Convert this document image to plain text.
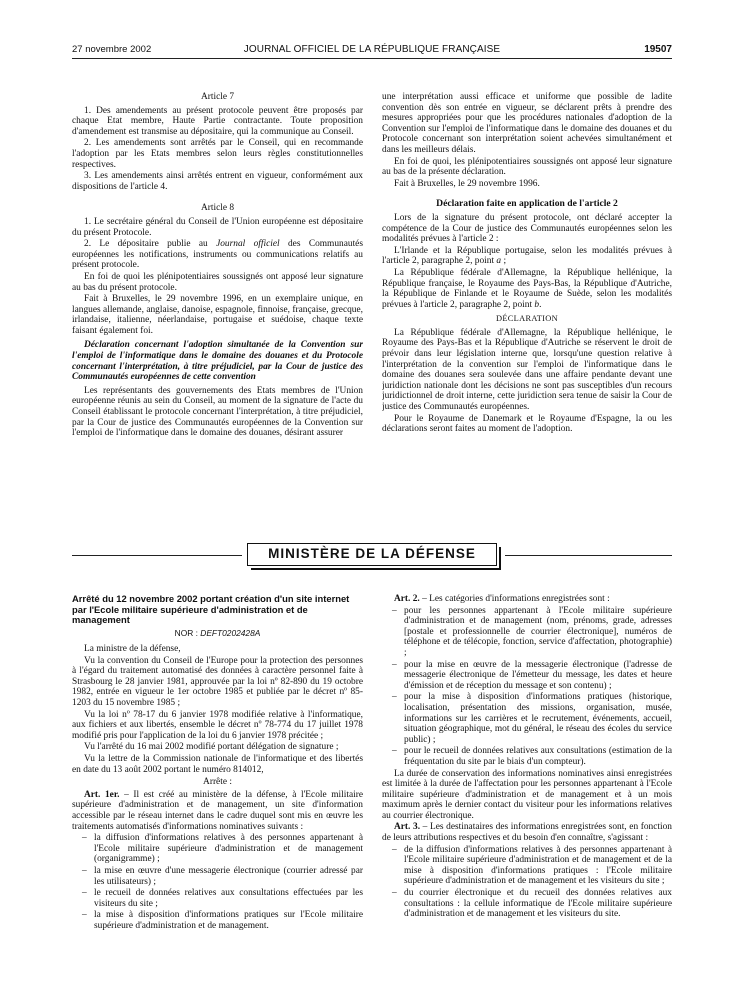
27 novembre 2002	JOURNAL OFFICIEL DE LA RÉPUBLIQUE FRANÇAISE	19507
Article 7

1. Des amendements au présent protocole peuvent être proposés par chaque Etat membre, Haute Partie contractante. Toute proposition d'amendement est transmise au dépositaire, qui la communique au Conseil.

2. Les amendements sont arrêtés par le Conseil, qui en recommande l'adoption par les Etats membres selon leurs règles constitutionnelles respectives.

3. Les amendements ainsi arrêtés entrent en vigueur, conformément aux dispositions de l'article 4.

Article 8

1. Le secrétaire général du Conseil de l'Union européenne est dépositaire du présent Protocole.

2. Le dépositaire publie au Journal officiel des Communautés européennes les notifications, instruments ou communications relatifs au présent protocole.

En foi de quoi les plénipotentiaires soussignés ont apposé leur signature au bas du présent protocole.

Fait à Bruxelles, le 29 novembre 1996, en un exemplaire unique, en langues allemande, anglaise, danoise, espagnole, finnoise, française, grecque, irlandaise, italienne, néerlandaise, portugaise et suédoise, chaque texte faisant également foi.

Déclaration concernant l'adoption simultanée de la Convention sur l'emploi de l'informatique dans le domaine des douanes et du Protocole concernant l'interprétation, à titre préjudiciel, par la Cour de justice des Communautés européennes de cette convention

Les représentants des gouvernements des Etats membres de l'Union européenne réunis au sein du Conseil, au moment de la signature de l'acte du Conseil établissant le protocole concernant l'interprétation, à titre préjudiciel, par la Cour de justice des Communautés européennes de la Convention sur l'emploi de l'informatique dans le domaine des douanes, désirant assurer

une interprétation aussi efficace et uniforme que possible de ladite convention dès son entrée en vigueur, se déclarent prêts à prendre des mesures appropriées pour que les procédures nationales d'adoption de la Convention sur l'emploi de l'informatique dans le domaine des douanes et du Protocole concernant son interprétation soient achevées simultanément et dans les meilleurs délais.

En foi de quoi, les plénipotentiaires soussignés ont apposé leur signature au bas de la présente déclaration.

Fait à Bruxelles, le 29 novembre 1996.

Déclaration faite en application de l'article 2

Lors de la signature du présent protocole, ont déclaré accepter la compétence de la Cour de justice des Communautés européennes selon les modalités prévues à l'article 2 :

L'Irlande et la République portugaise, selon les modalités prévues à l'article 2, paragraphe 2, point a ;

La République fédérale d'Allemagne, la République hellénique, la République française, le Royaume des Pays-Bas, la République d'Autriche, la République de Finlande et le Royaume de Suède, selon les modalités prévues à l'article 2, paragraphe 2, point b.

DÉCLARATION

La République fédérale d'Allemagne, la République hellénique, le Royaume des Pays-Bas et la République d'Autriche se réservent le droit de prévoir dans leur législation interne que, lorsqu'une question relative à l'interprétation de la convention sur l'emploi de l'informatique dans le domaine des douanes sera soulevée dans une affaire pendante devant une juridiction nationale dont les décisions ne sont pas susceptibles d'un recours juridictionnel de droit interne, cette juridiction sera tenue de saisir la Cour de justice des Communautés européennes.

Pour le Royaume de Danemark et le Royaume d'Espagne, la ou les déclarations seront faites au moment de l'adoption.

MINISTÈRE DE LA DÉFENSE

Arrêté du 12 novembre 2002 portant création d'un site internet par l'Ecole militaire supérieure d'administration et de management

NOR : DEFT0202428A

La ministre de la défense,

Vu la convention du Conseil de l'Europe pour la protection des personnes à l'égard du traitement automatisé des données à caractère personnel faite à Strasbourg le 28 janvier 1981, approuvée par la loi nº 82-890 du 19 octobre 1982, entrée en vigueur le 1er octobre 1985 et publiée par le décret nº 85-1203 du 15 novembre 1985 ;

Vu la loi nº 78-17 du 6 janvier 1978 modifiée relative à l'informatique, aux fichiers et aux libertés, ensemble le décret nº 78-774 du 17 juillet 1978 modifié pris pour l'application de la loi du 6 janvier 1978 précitée ;

Vu l'arrêté du 16 mai 2002 modifié portant délégation de signature ;

Vu la lettre de la Commission nationale de l'informatique et des libertés en date du 13 août 2002 portant le numéro 814012,

Arrête :

Art. 1er. – Il est créé au ministère de la défense, à l'Ecole militaire supérieure d'administration et de management, un site d'information accessible par le réseau internet dans le cadre duquel sont mis en œuvre les traitements automatisés d'informations nominatives suivants :

– la diffusion d'informations relatives à des personnes appartenant à l'Ecole militaire supérieure d'administration et de management (organigramme) ;
– la mise en œuvre d'une messagerie électronique (courrier adressé par les utilisateurs) ;
– le recueil de données relatives aux consultations effectuées par les visiteurs du site ;
– la mise à disposition d'informations pratiques sur l'Ecole militaire supérieure d'administration et de management.

Art. 2. – Les catégories d'informations enregistrées sont :

– pour les personnes appartenant à l'Ecole militaire supérieure d'administration et de management (nom, prénoms, grade, adresses [postale et professionnelle de courrier électronique], numéros de téléphone et de télécopie, fonction, service d'affectation, photographie) ;
– pour la mise en œuvre de la messagerie électronique (l'adresse de messagerie électronique de l'émetteur du message, les dates et heure d'émission et de réception du message et son contenu) ;
– pour la mise à disposition d'informations pratiques (historique, localisation, présentation des missions, organisation, musée, informations sur les carrières et le recrutement, événements, accueil, situation géographique, mot du général, le réseau des écoles du service public) ;
– pour le recueil de données relatives aux consultations (estimation de la fréquentation du site par le biais d'un compteur).

La durée de conservation des informations nominatives ainsi enregistrées est limitée à la durée de l'affectation pour les personnes appartenant à l'Ecole militaire supérieure d'administration et de management et à un mois maximum après le dernier contact du visiteur pour les informations relatives au courrier électronique.

Art. 3. – Les destinataires des informations enregistrées sont, en fonction de leurs attributions respectives et du besoin d'en connaître, s'agissant :

– de la diffusion d'informations relatives à des personnes appartenant à l'Ecole militaire supérieure d'administration et de management et de la mise à disposition d'informations pratiques : l'Ecole militaire supérieure d'administration et de management et les visiteurs du site ;
– du courrier électronique et du recueil des données relatives aux consultations : la cellule informatique de l'Ecole militaire supérieure d'administration et de management et les visiteurs du site.
